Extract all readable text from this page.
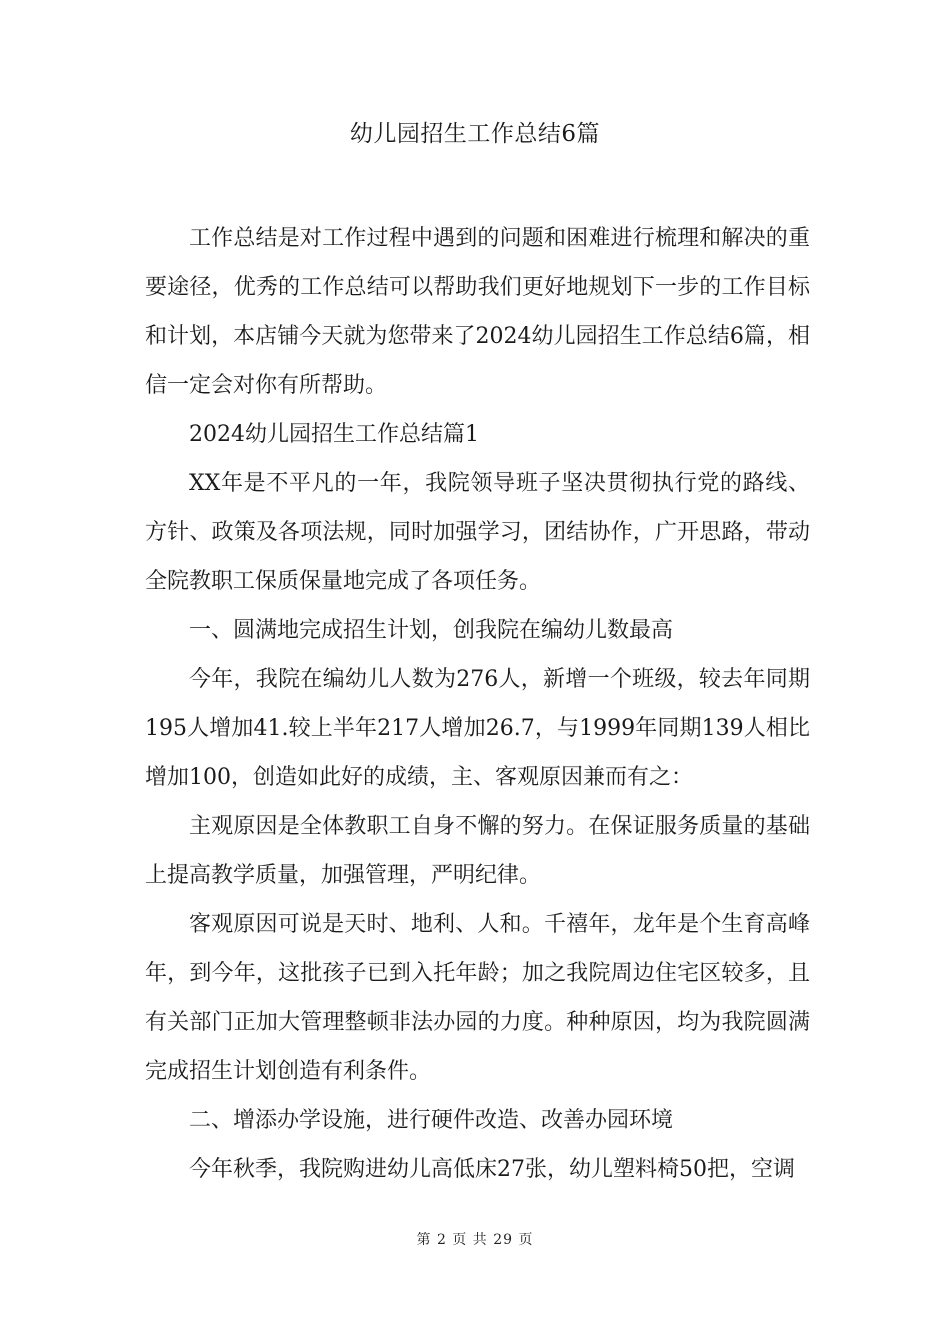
幼儿园招生工作总结6篇

工作总结是对工作过程中遇到的问题和困难进行梳理和解决的重要途径，优秀的工作总结可以帮助我们更好地规划下一步的工作目标和计划，本店铺今天就为您带来了2024幼儿园招生工作总结6篇，相信一定会对你有所帮助。

2024幼儿园招生工作总结篇1

XX年是不平凡的一年，我院领导班子坚决贯彻执行党的路线、方针、政策及各项法规，同时加强学习，团结协作，广开思路，带动全院教职工保质保量地完成了各项任务。

一、圆满地完成招生计划，创我院在编幼儿数最高

今年，我院在编幼儿人数为276人，新增一个班级，较去年同期195人增加41.较上半年217人增加26.7，与1999年同期139人相比增加100，创造如此好的成绩，主、客观原因兼而有之：

主观原因是全体教职工自身不懈的努力。在保证服务质量的基础上提高教学质量，加强管理，严明纪律。

客观原因可说是天时、地利、人和。千禧年，龙年是个生育高峰年，到今年，这批孩子已到入托年龄；加之我院周边住宅区较多，且有关部门正加大管理整顿非法办园的力度。种种原因，均为我院圆满完成招生计划创造有利条件。

二、增添办学设施，进行硬件改造、改善办园环境

今年秋季，我院购进幼儿高低床27张，幼儿塑料椅50把，空调

第 2 页 共 29 页
